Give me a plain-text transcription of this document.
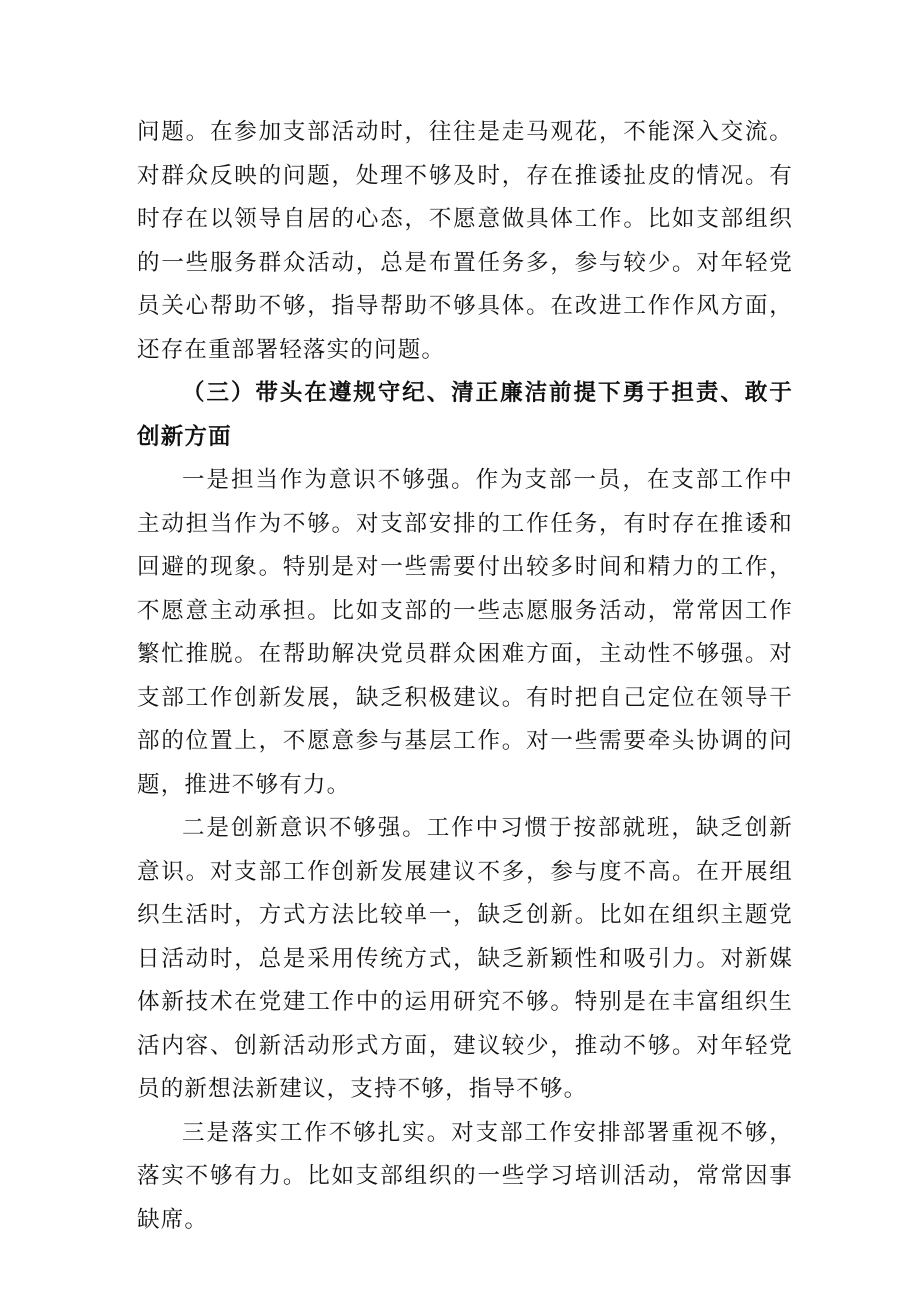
问题。在参加支部活动时，往往是走马观花，不能深入交流。对群众反映的问题，处理不够及时，存在推诿扯皮的情况。有时存在以领导自居的心态，不愿意做具体工作。比如支部组织的一些服务群众活动，总是布置任务多，参与较少。对年轻党员关心帮助不够，指导帮助不够具体。在改进工作作风方面，还存在重部署轻落实的问题。

（三）带头在遵规守纪、清正廉洁前提下勇于担责、敢于创新方面

一是担当作为意识不够强。作为支部一员，在支部工作中主动担当作为不够。对支部安排的工作任务，有时存在推诿和回避的现象。特别是对一些需要付出较多时间和精力的工作，不愿意主动承担。比如支部的一些志愿服务活动，常常因工作繁忙推脱。在帮助解决党员群众困难方面，主动性不够强。对支部工作创新发展，缺乏积极建议。有时把自己定位在领导干部的位置上，不愿意参与基层工作。对一些需要牵头协调的问题，推进不够有力。

二是创新意识不够强。工作中习惯于按部就班，缺乏创新意识。对支部工作创新发展建议不多，参与度不高。在开展组织生活时，方式方法比较单一，缺乏创新。比如在组织主题党日活动时，总是采用传统方式，缺乏新颖性和吸引力。对新媒体新技术在党建工作中的运用研究不够。特别是在丰富组织生活内容、创新活动形式方面，建议较少，推动不够。对年轻党员的新想法新建议，支持不够，指导不够。

三是落实工作不够扎实。对支部工作安排部署重视不够，落实不够有力。比如支部组织的一些学习培训活动，常常因事缺席。
